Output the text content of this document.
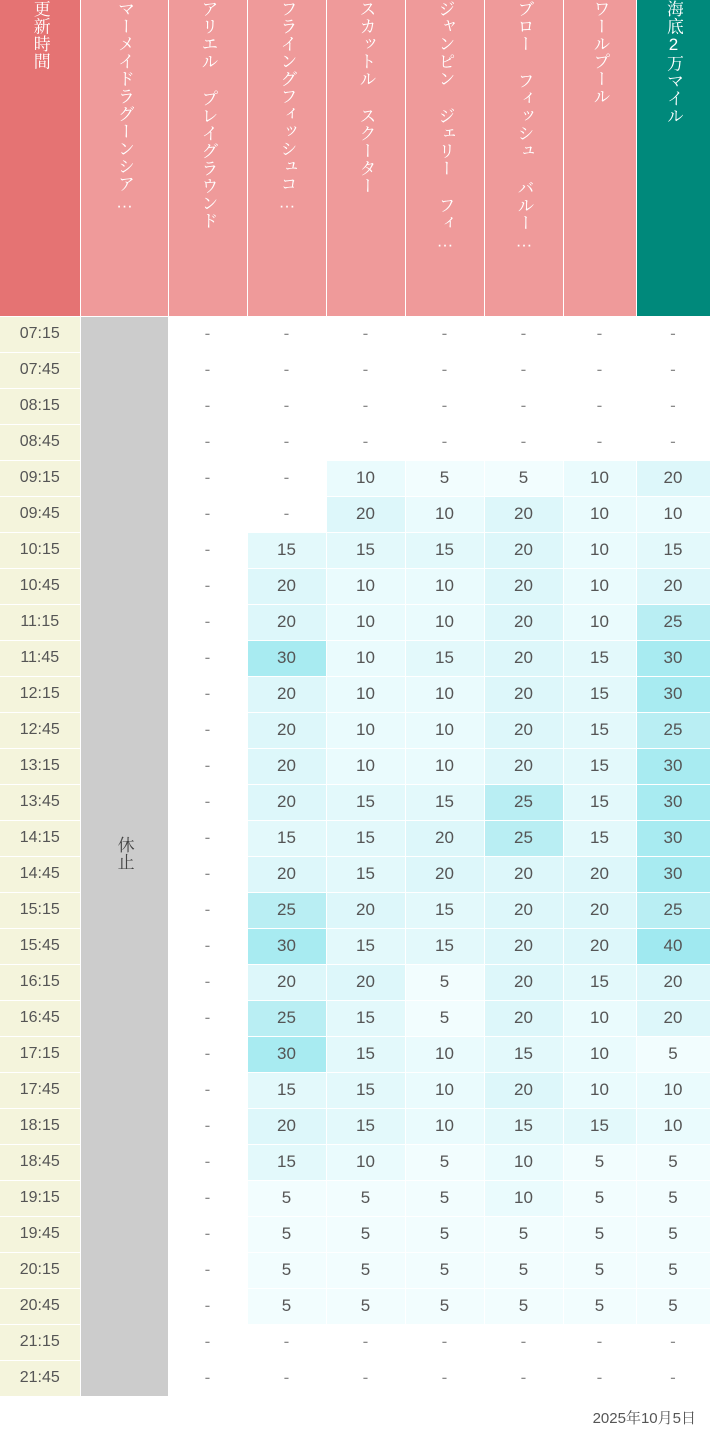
更新時間	マーメイドラグーンシア…	アリエル プレイグラウンド	フライングフィッシュコ…	スカットル スクーター	ジャンピン ジェリー フィ…	ブロー フィッシュ バルー…	ワールプール	海底2万マイル

07:15	休止	-	-	-	-	-	-	-
07:45		-	-	-	-	-	-	-
08:15		-	-	-	-	-	-	-
08:45		-	-	-	-	-	-	-
09:15		-	-	10	5	5	10	20
09:45		-	-	20	10	20	10	10
10:15		-	15	15	15	20	10	15
10:45		-	20	10	10	20	10	20
11:15		-	20	10	10	20	10	25
11:45		-	30	10	15	20	15	30
12:15		-	20	10	10	20	15	30
12:45		-	20	10	10	20	15	25
13:15		-	20	10	10	20	15	30
13:45		-	20	15	15	25	15	30
14:15		-	15	15	20	25	15	30
14:45		-	20	15	20	20	20	30
15:15		-	25	20	15	20	20	25
15:45		-	30	15	15	20	20	40
16:15		-	20	20	5	20	15	20
16:45		-	25	15	5	20	10	20
17:15		-	30	15	10	15	10	5
17:45		-	15	15	10	20	10	10
18:15		-	20	15	10	15	15	10
18:45		-	15	10	5	10	5	5
19:15		-	5	5	5	10	5	5
19:45		-	5	5	5	5	5	5
20:15		-	5	5	5	5	5	5
20:45		-	5	5	5	5	5	5
21:15		-	-	-	-	-	-	-
21:45		-	-	-	-	-	-	-
2025年10月5日
